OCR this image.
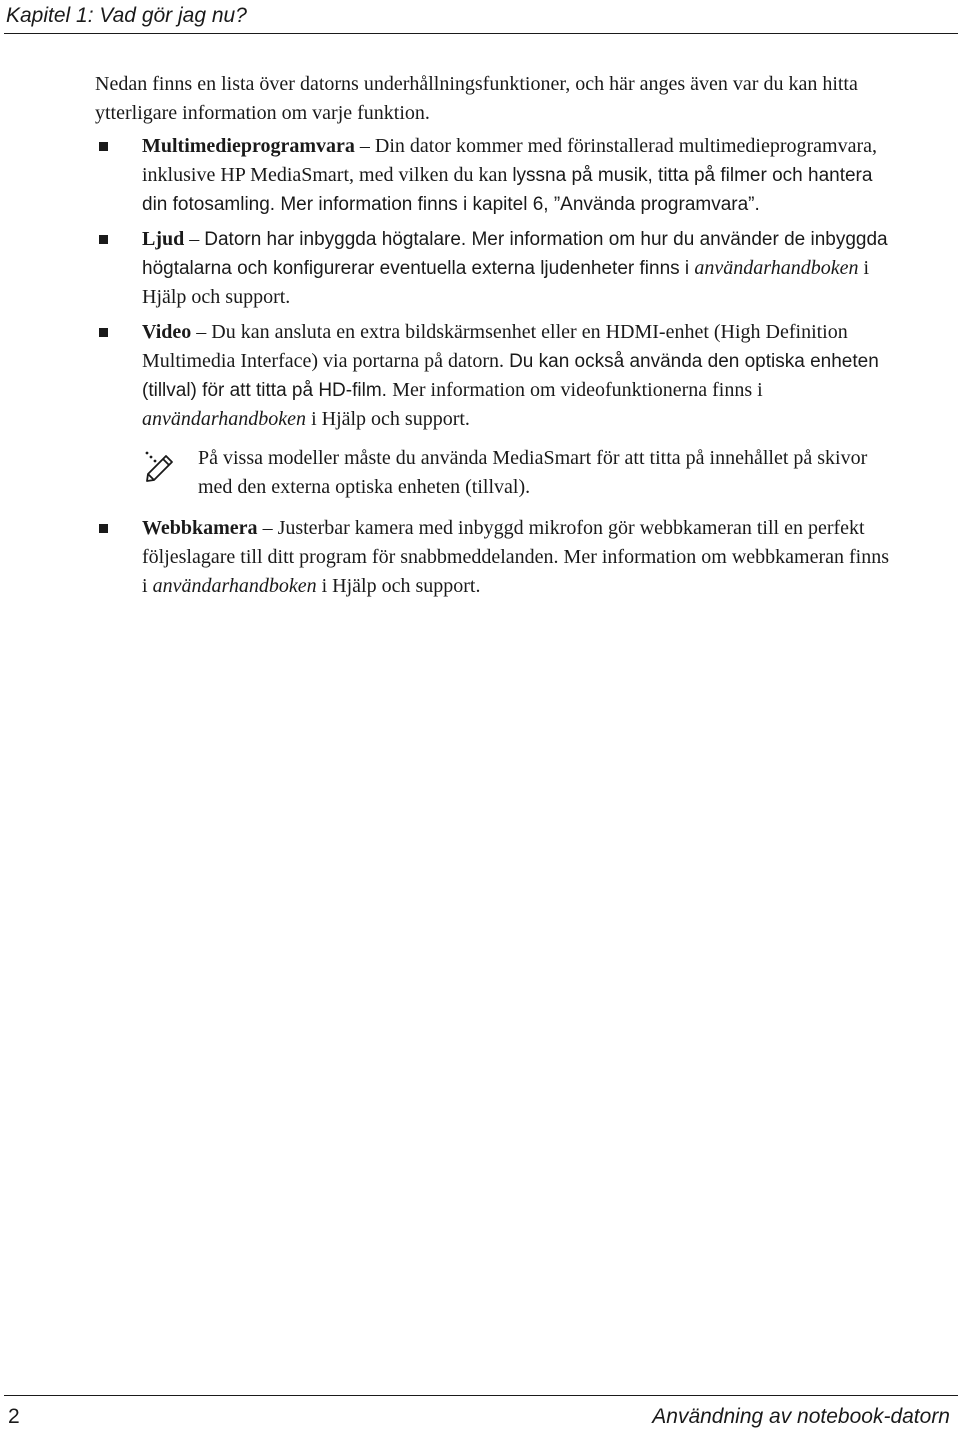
Kapitel 1: Vad gör jag nu?

Nedan finns en lista över datorns underhållningsfunktioner, och här anges även var du kan hitta ytterligare information om varje funktion.

Multimedieprogramvara – Din dator kommer med förinstallerad multimedieprogramvara, inklusive HP MediaSmart, med vilken du kan lyssna på musik, titta på filmer och hantera din fotosamling. Mer information finns i kapitel 6, ”Använda programvara”.
Ljud – Datorn har inbyggda högtalare. Mer information om hur du använder de inbyggda högtalarna och konfigurerar eventuella externa ljudenheter finns i användarhandboken i Hjälp och support.
Video – Du kan ansluta en extra bildskärmsenhet eller en HDMI-enhet (High Definition Multimedia Interface) via portarna på datorn. Du kan också använda den optiska enheten (tillval) för att titta på HD-film. Mer information om videofunktionerna finns i användarhandboken i Hjälp och support.
På vissa modeller måste du använda MediaSmart för att titta på innehållet på skivor med den externa optiska enheten (tillval).
Webbkamera – Justerbar kamera med inbyggd mikrofon gör webbkameran till en perfekt följeslagare till ditt program för snabbmeddelanden. Mer information om webbkameran finns i användarhandboken i Hjälp och support.
2	Användning av notebook-datorn
